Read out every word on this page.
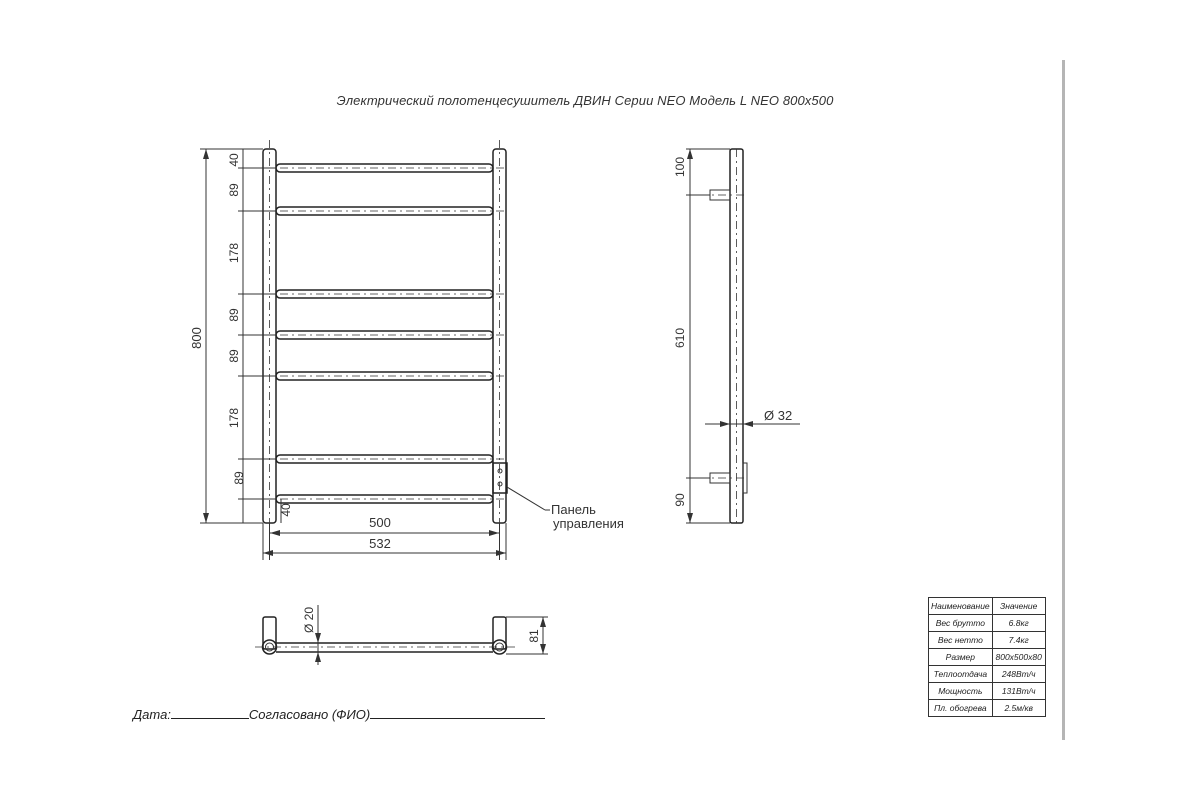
Электрический полотенцесушитель ДВИН Серии NEO Модель L NEO 800х500
Панель
управления
800
40
89
178
89
89
178
89
40
500
532
100
610
90
Ø 32
Ø 20
81
Наименование	Значение
Вес брутто	6.8кг
Вес нетто	7.4кг
Размер	800х500х80
Теплоотдача	248Вт/ч
Мощность	131Вт/ч
Пл. обогрева	2.5м/кв
Дата:	Согласовано (ФИО)
